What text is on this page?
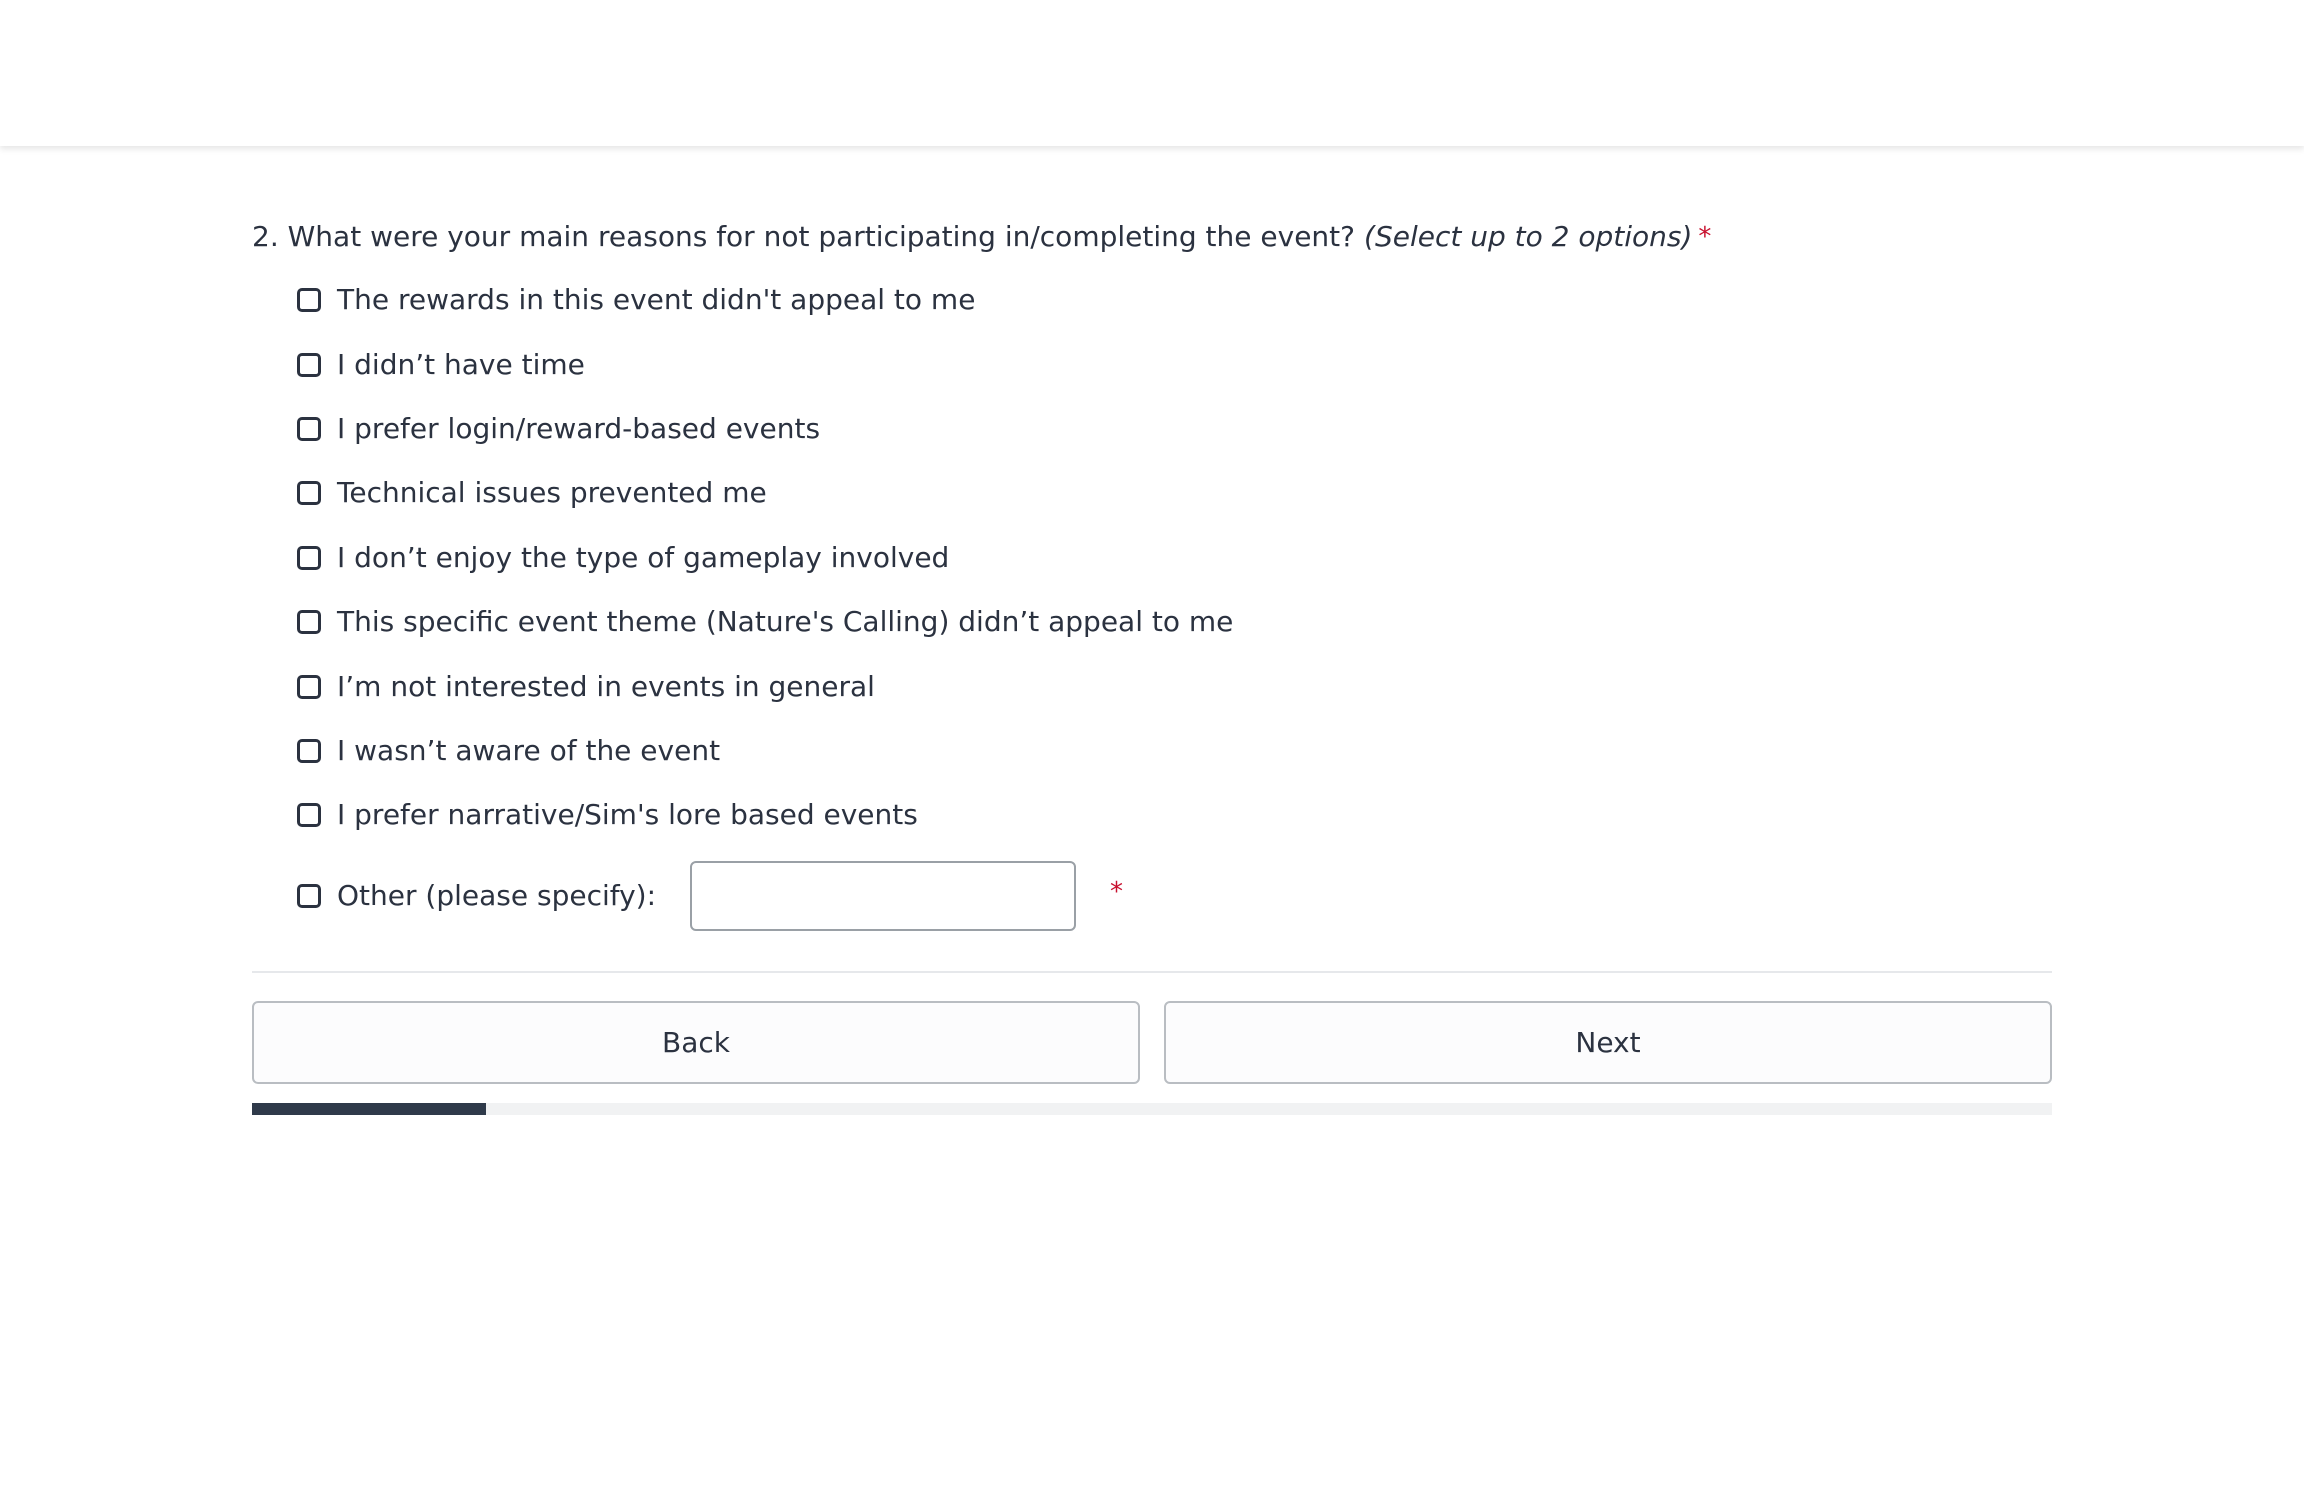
2. What were your main reasons for not participating in/completing the event? (Select up to 2 options) *
The rewards in this event didn't appeal to me
I didn’t have time
I prefer login/reward-based events
Technical issues prevented me
I don’t enjoy the type of gameplay involved
This specific event theme (Nature's Calling) didn’t appeal to me
I’m not interested in events in general
I wasn’t aware of the event
I prefer narrative/Sim's lore based events
Other (please specify):	*
Back	Next
